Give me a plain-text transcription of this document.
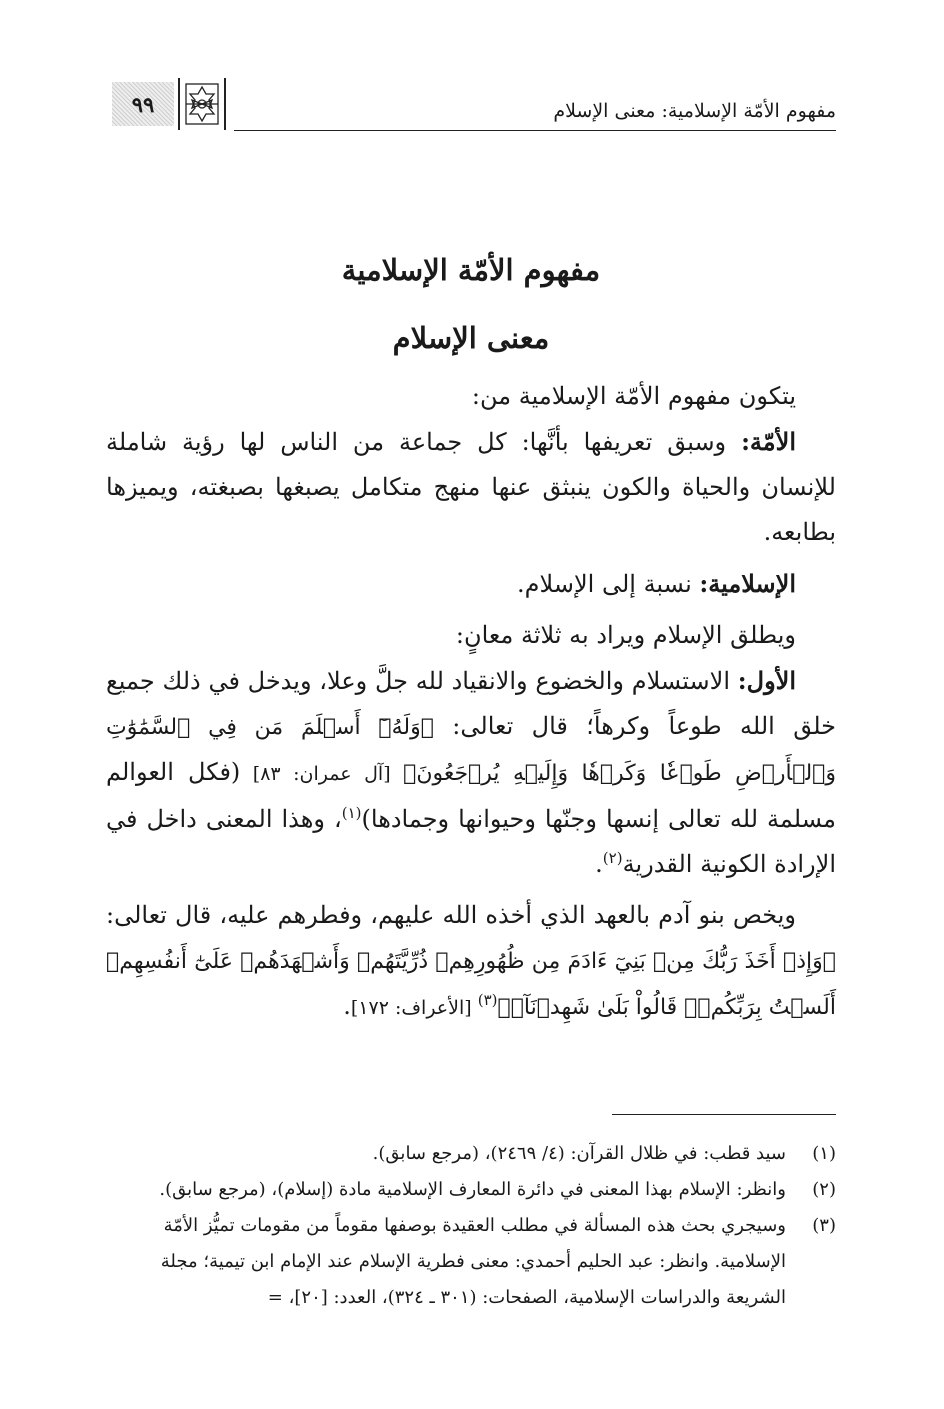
مفهوم الأمّة الإسلامية: معنى الإسلام
٩٩
مفهوم الأمّة الإسلامية
معنى الإسلام

يتكون مفهوم الأمّة الإسلامية من:

الأمّة: وسبق تعريفها بأنَّها: كل جماعة من الناس لها رؤية شاملة للإنسان والحياة والكون ينبثق عنها منهج متكامل يصبغها بصبغته، ويميزها بطابعه.

الإسلامية: نسبة إلى الإسلام.

ويطلق الإسلام ويراد به ثلاثة معانٍ:

الأول: الاستسلام والخضوع والانقياد لله جلَّ وعلا، ويدخل في ذلك جميع خلق الله طوعاً وكرهاً؛ قال تعالى: ﴿وَلَهُۥٓ أَسۡلَمَ مَن فِي ٱلسَّمَٰوَٰتِ وَٱلۡأَرۡضِ طَوۡعٗا وَكَرۡهٗا وَإِلَيۡهِ يُرۡجَعُونَ﴾ [آل عمران: ٨٣] (فكل العوالم مسلمة لله تعالى إنسها وجنّها وحيوانها وجمادها)$^{(١)}$، وهذا المعنى داخل في الإرادة الكونية القدرية$^{(٢)}$.

ويخص بنو آدم بالعهد الذي أخذه الله عليهم، وفطرهم عليه، قال تعالى: ﴿وَإِذۡ أَخَذَ رَبُّكَ مِنۢ بَنِيٓ ءَادَمَ مِن ظُهُورِهِمۡ ذُرِّيَّتَهُمۡ وَأَشۡهَدَهُمۡ عَلَىٰٓ أَنفُسِهِمۡ أَلَسۡتُ بِرَبِّكُمۡۖ قَالُواْ بَلَىٰ شَهِدۡنَآۚ﴾$^{(٣)}$ [الأعراف: ١٧٢].

(١)
سيد قطب: في ظلال القرآن: (٤/ ٢٤٦٩)، (مرجع سابق).
(٢)
وانظر: الإسلام بهذا المعنى في دائرة المعارف الإسلامية مادة (إسلام)، (مرجع سابق).
(٣)
وسيجري بحث هذه المسألة في مطلب العقيدة بوصفها مقوماً من مقومات تميُّز الأمّة الإسلامية. وانظر: عبد الحليم أحمدي: معنى فطرية الإسلام عند الإمام ابن تيمية؛ مجلة الشريعة والدراسات الإسلامية، الصفحات: (٣٠١ ـ ٣٢٤)، العدد: [٢٠]، =
